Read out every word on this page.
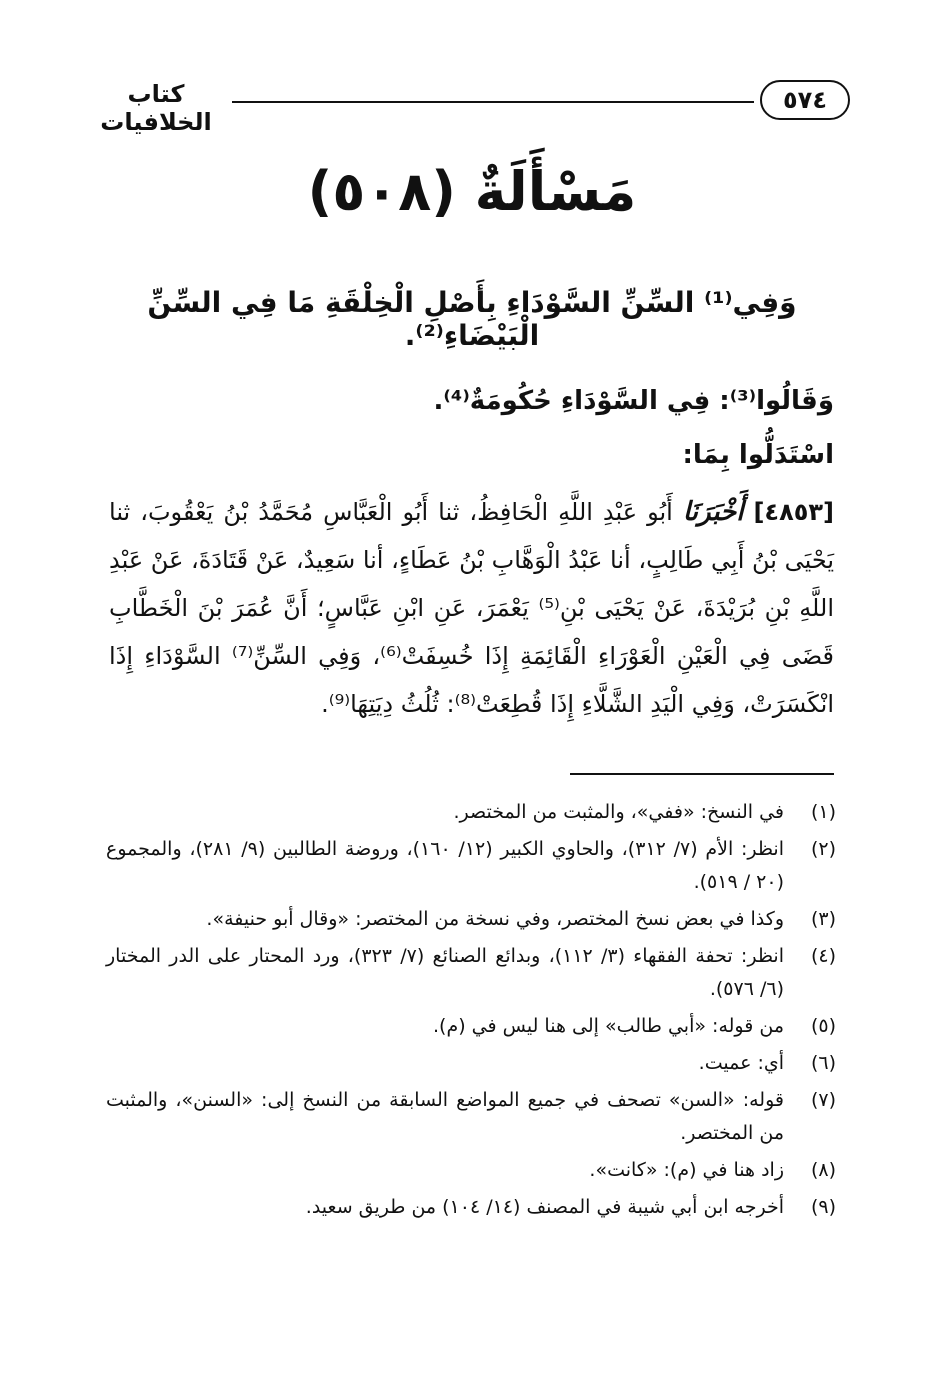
٥٧٤
كتاب الخلافيات
مَسْأَلَةٌ (٥٠٨)
وَفِي⁽¹⁾ السِّنِّ السَّوْدَاءِ بِأَصْلِ الْخِلْقَةِ مَا فِي السِّنِّ الْبَيْضَاءِ⁽²⁾.
وَقَالُوا⁽³⁾: فِي السَّوْدَاءِ حُكُومَةٌ⁽⁴⁾.
اسْتَدَلُّوا بِمَا:
[٤٨٥٣] أَخْبَرَنَا أَبُو عَبْدِ اللَّهِ الْحَافِظُ، ثنا أَبُو الْعَبَّاسِ مُحَمَّدُ بْنُ يَعْقُوبَ، ثنا يَحْيَى بْنُ أَبِي طَالِبٍ، أنا عَبْدُ الْوَهَّابِ بْنُ عَطَاءٍ، أنا سَعِيدٌ، عَنْ قَتَادَةَ، عَنْ عَبْدِ اللَّهِ بْنِ بُرَيْدَةَ، عَنْ يَحْيَى بْنِ⁽⁵⁾ يَعْمَرَ، عَنِ ابْنِ عَبَّاسٍ؛ أَنَّ عُمَرَ بْنَ الْخَطَّابِ قَضَى فِي الْعَيْنِ الْعَوْرَاءِ الْقَائِمَةِ إِذَا خُسِفَتْ⁽⁶⁾، وَفِي السِّنِّ⁽⁷⁾ السَّوْدَاءِ إِذَا انْكَسَرَتْ، وَفِي الْيَدِ الشَّلَّاءِ إِذَا قُطِعَتْ⁽⁸⁾: ثُلُثُ دِيَتِهَا⁽⁹⁾.
(١)
في النسخ: «ففي»، والمثبت من المختصر.
(٢)
انظر: الأم (٧/ ٣١٢)، والحاوي الكبير (١٢/ ١٦٠)، وروضة الطالبين (٩/ ٢٨١)، والمجموع (٢٠ / ٥١٩).
(٣)
وكذا في بعض نسخ المختصر، وفي نسخة من المختصر: «وقال أبو حنيفة».
(٤)
انظر: تحفة الفقهاء (٣/ ١١٢)، وبدائع الصنائع (٧/ ٣٢٣)، ورد المحتار على الدر المختار (٦/ ٥٧٦).
(٥)
من قوله: «أبي طالب» إلى هنا ليس في (م).
(٦)
أي: عميت.
(٧)
قوله: «السن» تصحف في جميع المواضع السابقة من النسخ إلى: «السنن»، والمثبت من المختصر.
(٨)
زاد هنا في (م): «كانت».
(٩)
أخرجه ابن أبي شيبة في المصنف (١٤/ ١٠٤) من طريق سعيد.
